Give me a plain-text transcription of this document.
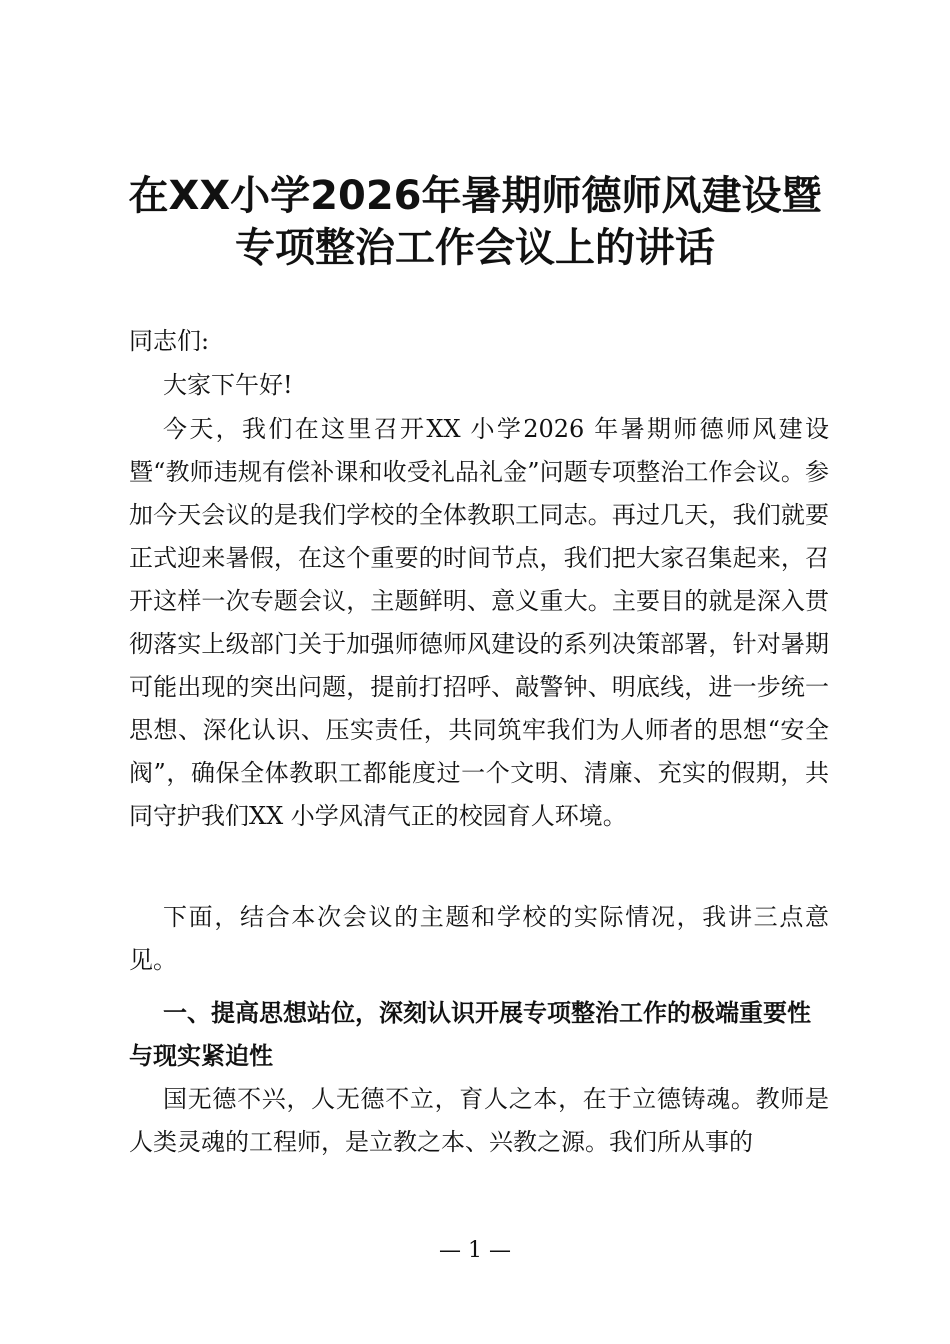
在XX小学2026年暑期师德师风建设暨
专项整治工作会议上的讲话
同志们:
大家下午好!
今天，我们在这里召开XX 小学2026 年暑期师德师风建设暨“教师违规有偿补课和收受礼品礼金”问题专项整治工作会议。参加今天会议的是我们学校的全体教职工同志。再过几天，我们就要正式迎来暑假，在这个重要的时间节点，我们把大家召集起来，召开这样一次专题会议，主题鲜明、意义重大。主要目的就是深入贯彻落实上级部门关于加强师德师风建设的系列决策部署，针对暑期可能出现的突出问题，提前打招呼、敲警钟、明底线，进一步统一思想、深化认识、压实责任，共同筑牢我们为人师者的思想“安全阀”，确保全体教职工都能度过一个文明、清廉、充实的假期，共同守护我们XX 小学风清气正的校园育人环境。
下面，结合本次会议的主题和学校的实际情况，我讲三点意见。
一、提高思想站位，深刻认识开展专项整治工作的极端重要性与现实紧迫性
国无德不兴，人无德不立，育人之本，在于立德铸魂。教师是人类灵魂的工程师，是立教之本、兴教之源。我们所从事的
— 1 —
